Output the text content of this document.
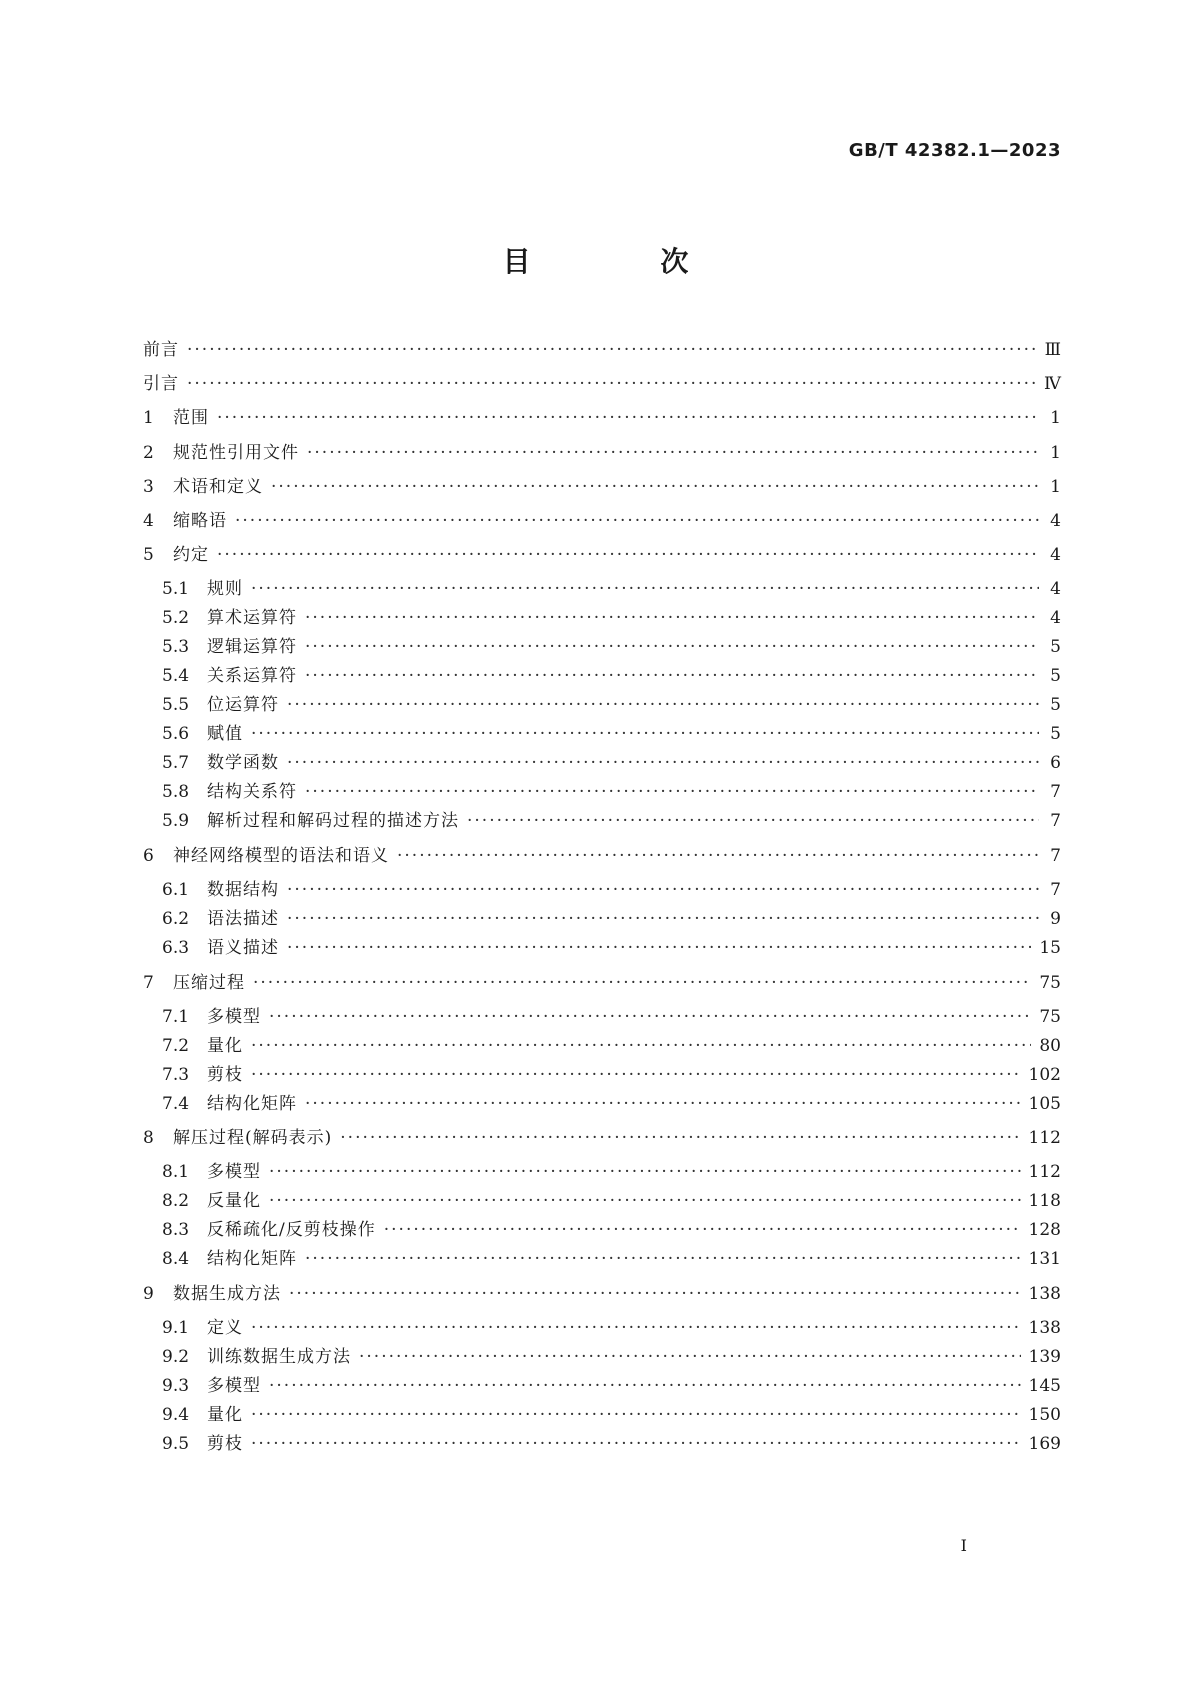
GB/T 42382.1—2023
目 次
前言 ·····	Ⅲ
引言 ·····	Ⅳ
1	范围 ·····	1
2	规范性引用文件 ·····	1
3	术语和定义 ·····	1
4	缩略语 ·····	4
5	约定 ·····	4
5.1	规则 ·····	4
5.2	算术运算符 ·····	4
5.3	逻辑运算符 ·····	5
5.4	关系运算符 ·····	5
5.5	位运算符 ·····	5
5.6	赋值 ·····	5
5.7	数学函数 ·····	6
5.8	结构关系符 ·····	7
5.9	解析过程和解码过程的描述方法 ·····	7
6	神经网络模型的语法和语义 ·····	7
6.1	数据结构 ·····	7
6.2	语法描述 ·····	9
6.3	语义描述 ·····	15
7	压缩过程 ·····	75
7.1	多模型 ·····	75
7.2	量化 ·····	80
7.3	剪枝 ·····	102
7.4	结构化矩阵 ·····	105
8	解压过程(解码表示) ·····	112
8.1	多模型 ·····	112
8.2	反量化 ·····	118
8.3	反稀疏化/反剪枝操作 ·····	128
8.4	结构化矩阵 ·····	131
9	数据生成方法 ·····	138
9.1	定义 ·····	138
9.2	训练数据生成方法 ·····	139
9.3	多模型 ·····	145
9.4	量化 ·····	150
9.5	剪枝 ·····	169
I
